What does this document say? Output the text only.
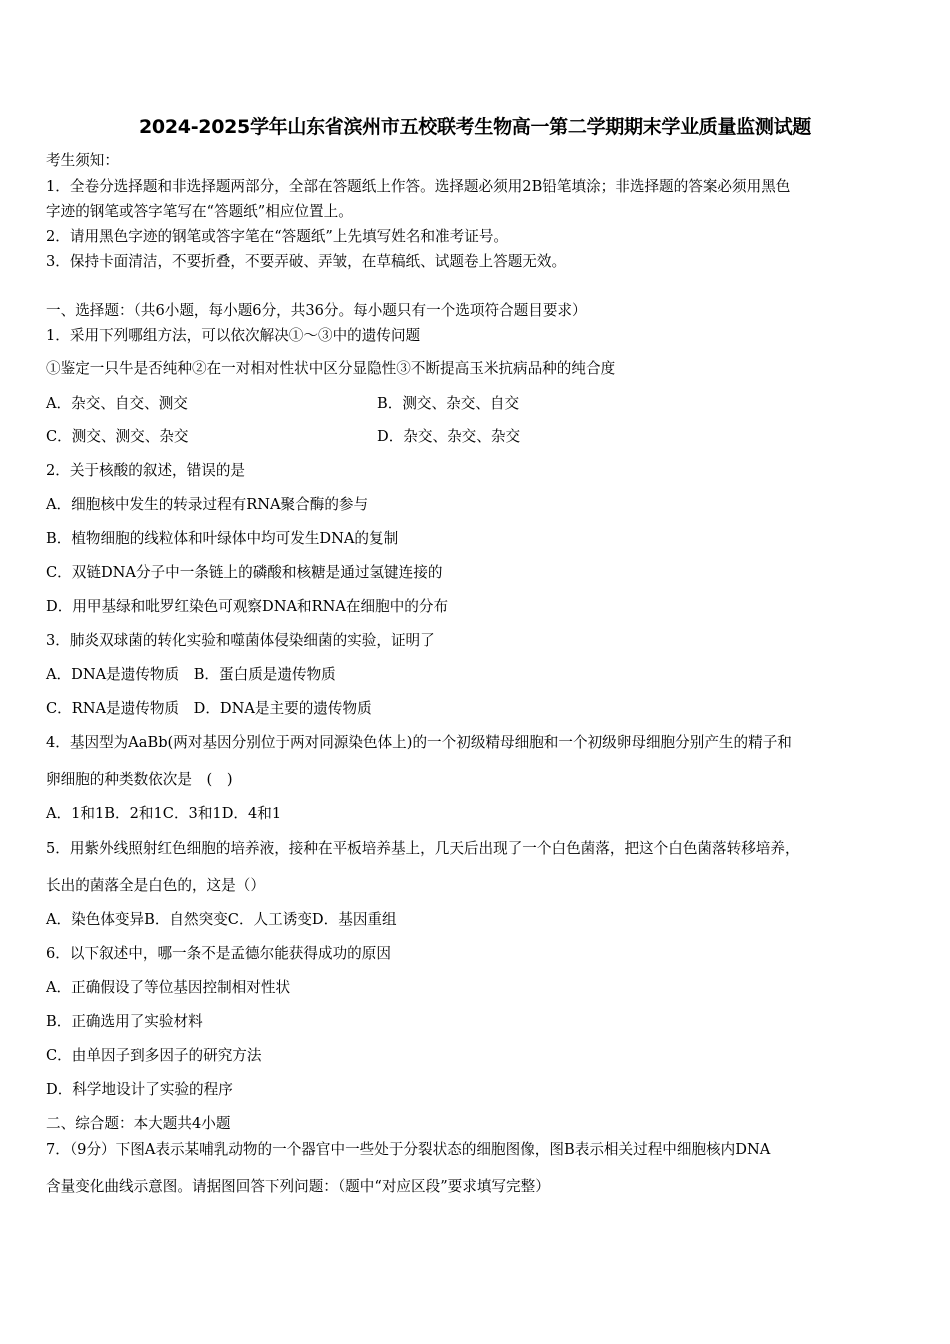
2024-2025学年山东省滨州市五校联考生物高一第二学期期末学业质量监测试题
考生须知：
1．全卷分选择题和非选择题两部分，全部在答题纸上作答。选择题必须用2B铅笔填涂；非选择题的答案必须用黑色
字迹的钢笔或答字笔写在“答题纸”相应位置上。
2．请用黑色字迹的钢笔或答字笔在“答题纸”上先填写姓名和准考证号。
3．保持卡面清洁，不要折叠，不要弄破、弄皱，在草稿纸、试题卷上答题无效。
一、选择题：（共6小题，每小题6分，共36分。每小题只有一个选项符合题目要求）
1．采用下列哪组方法，可以依次解决①～③中的遗传问题
①鉴定一只牛是否纯种②在一对相对性状中区分显隐性③不断提高玉米抗病品种的纯合度
A．杂交、自交、测交	B．测交、杂交、自交
C．测交、测交、杂交	D．杂交、杂交、杂交
2．关于核酸的叙述，错误的是
A．细胞核中发生的转录过程有RNA聚合酶的参与
B．植物细胞的线粒体和叶绿体中均可发生DNA的复制
C．双链DNA分子中一条链上的磷酸和核糖是通过氢键连接的
D．用甲基绿和吡罗红染色可观察DNA和RNA在细胞中的分布
3．肺炎双球菌的转化实验和噬菌体侵染细菌的实验，证明了
A．DNA是遗传物质　B．蛋白质是遗传物质
C．RNA是遗传物质　D．DNA是主要的遗传物质
4．基因型为AaBb(两对基因分别位于两对同源染色体上)的一个初级精母细胞和一个初级卵母细胞分别产生的精子和
卵细胞的种类数依次是　(　)
A．1和1B．2和1C．3和1D．4和1
5．用紫外线照射红色细胞的培养液，接种在平板培养基上，几天后出现了一个白色菌落，把这个白色菌落转移培养，
长出的菌落全是白色的，这是（）
A．染色体变异B．自然突变C．人工诱变D．基因重组
6．以下叙述中，哪一条不是孟德尔能获得成功的原因
A．正确假设了等位基因控制相对性状
B．正确选用了实验材料
C．由单因子到多因子的研究方法
D．科学地设计了实验的程序
二、综合题：本大题共4小题
7．（9分）下图A表示某哺乳动物的一个器官中一些处于分裂状态的细胞图像，图B表示相关过程中细胞核内DNA
含量变化曲线示意图。请据图回答下列问题：（题中“对应区段”要求填写完整）
